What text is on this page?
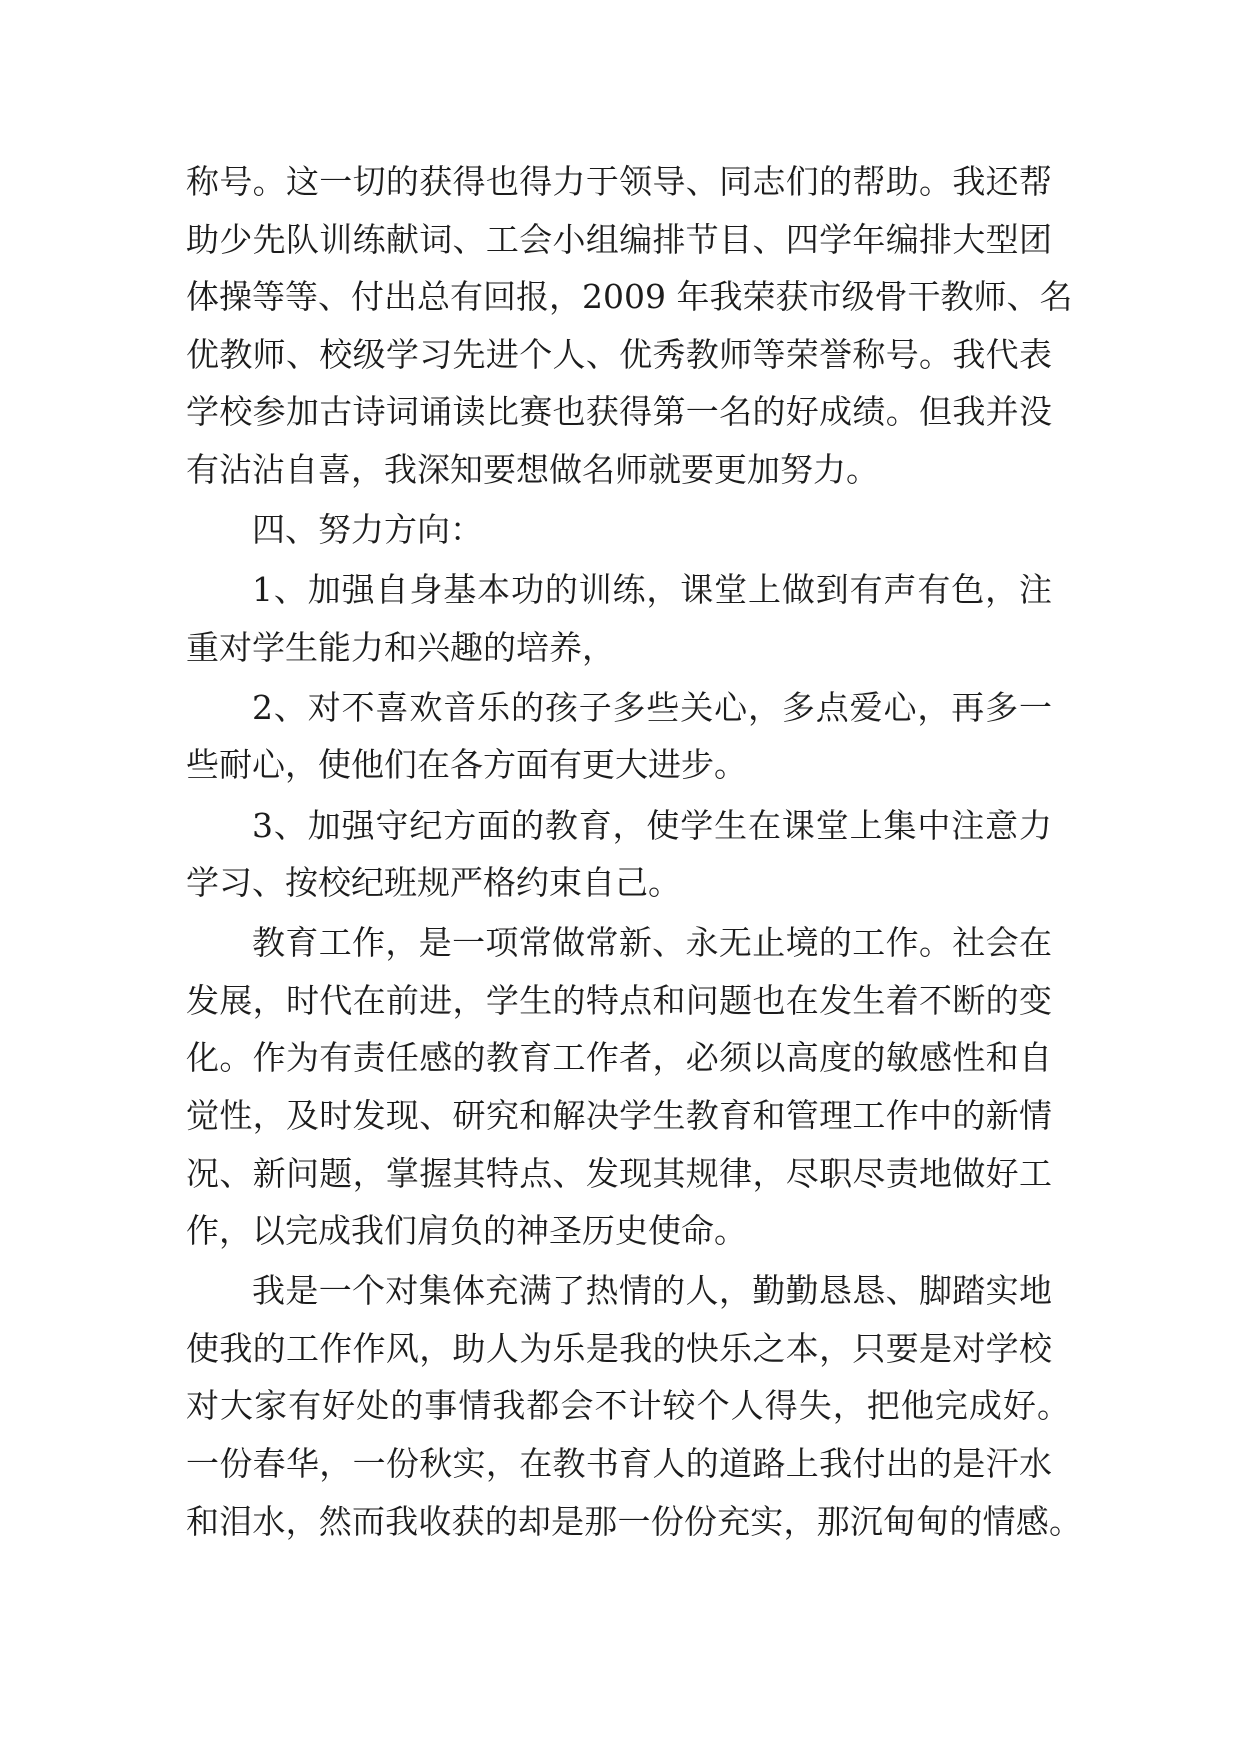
称号。这一切的获得也得力于领导、同志们的帮助。我还帮
助少先队训练献词、工会小组编排节目、四学年编排大型团
体操等等、付出总有回报，2009 年我荣获市级骨干教师、名
优教师、校级学习先进个人、优秀教师等荣誉称号。我代表
学校参加古诗词诵读比赛也获得第一名的好成绩。但我并没
有沾沾自喜，我深知要想做名师就要更加努力。
四、努力方向：
1、加强自身基本功的训练，课堂上做到有声有色，注
重对学生能力和兴趣的培养，
2、对不喜欢音乐的孩子多些关心，多点爱心，再多一
些耐心，使他们在各方面有更大进步。
3、加强守纪方面的教育，使学生在课堂上集中注意力
学习、按校纪班规严格约束自己。
教育工作，是一项常做常新、永无止境的工作。社会在
发展，时代在前进，学生的特点和问题也在发生着不断的变
化。作为有责任感的教育工作者，必须以高度的敏感性和自
觉性，及时发现、研究和解决学生教育和管理工作中的新情
况、新问题，掌握其特点、发现其规律，尽职尽责地做好工
作，以完成我们肩负的神圣历史使命。
我是一个对集体充满了热情的人，勤勤恳恳、脚踏实地
使我的工作作风，助人为乐是我的快乐之本，只要是对学校
对大家有好处的事情我都会不计较个人得失，把他完成好。
一份春华，一份秋实，在教书育人的道路上我付出的是汗水
和泪水，然而我收获的却是那一份份充实，那沉甸甸的情感。
